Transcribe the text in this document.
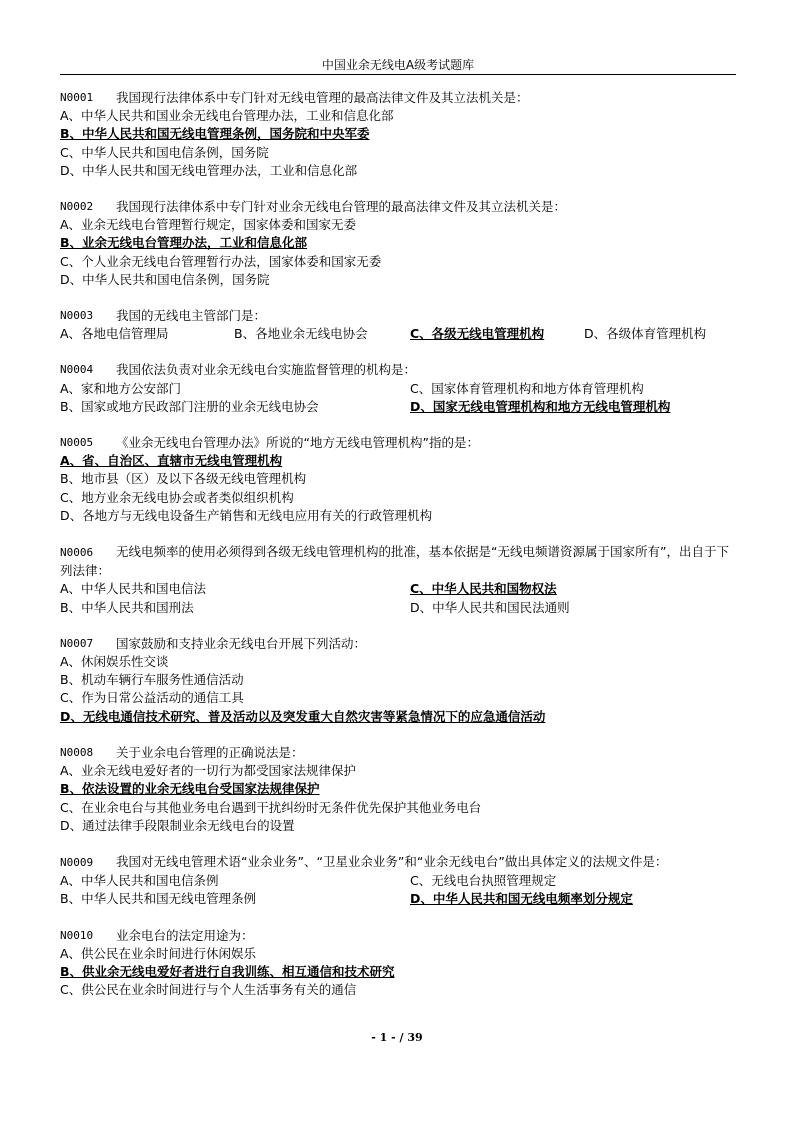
中国业余无线电A级考试题库
N0001	我国现行法律体系中专门针对无线电管理的最高法律文件及其立法机关是：
A、中华人民共和国业余无线电台管理办法，工业和信息化部
B、中华人民共和国无线电管理条例，国务院和中央军委
C、中华人民共和国电信条例，国务院
D、中华人民共和国无线电管理办法，工业和信息化部
N0002	我国现行法律体系中专门针对业余无线电台管理的最高法律文件及其立法机关是：
A、业余无线电台管理暂行规定，国家体委和国家无委
B、业余无线电台管理办法，工业和信息化部
C、个人业余无线电台管理暂行办法，国家体委和国家无委
D、中华人民共和国电信条例，国务院
N0003	我国的无线电主管部门是：
A、各地电信管理局	B、各地业余无线电协会	C、各级无线电管理机构	D、各级体育管理机构
N0004	我国依法负责对业余无线电台实施监督管理的机构是：
A、家和地方公安部门	C、国家体育管理机构和地方体育管理机构
B、国家或地方民政部门注册的业余无线电协会	D、国家无线电管理机构和地方无线电管理机构
N0005	《业余无线电台管理办法》所说的“地方无线电管理机构”指的是：
A、省、自治区、直辖市无线电管理机构
B、地市县（区）及以下各级无线电管理机构
C、地方业余无线电协会或者类似组织机构
D、各地方与无线电设备生产销售和无线电应用有关的行政管理机构
N0006 无线电频率的使用必须得到各级无线电管理机构的批准，基本依据是“无线电频谱资源属于国家所有”，出自于下列法律：
A、中华人民共和国电信法	C、中华人民共和国物权法
B、中华人民共和国刑法	D、中华人民共和国民法通则
N0007	国家鼓励和支持业余无线电台开展下列活动：
A、休闲娱乐性交谈
B、机动车辆行车服务性通信活动
C、作为日常公益活动的通信工具
D、无线电通信技术研究、普及活动以及突发重大自然灾害等紧急情况下的应急通信活动
N0008	关于业余电台管理的正确说法是：
A、业余无线电爱好者的一切行为都受国家法规律保护
B、依法设置的业余无线电台受国家法规律保护
C、在业余电台与其他业务电台遇到干扰纠纷时无条件优先保护其他业务电台
D、通过法律手段限制业余无线电台的设置
N0009 我国对无线电管理术语“业余业务”、“卫星业余业务”和“业余无线电台”做出具体定义的法规文件是：
A、中华人民共和国电信条例	C、无线电台执照管理规定
B、中华人民共和国无线电管理条例	D、中华人民共和国无线电频率划分规定
N0010	业余电台的法定用途为：
A、供公民在业余时间进行休闲娱乐
B、供业余无线电爱好者进行自我训练、相互通信和技术研究
C、供公民在业余时间进行与个人生活事务有关的通信
- 1 - / 39
